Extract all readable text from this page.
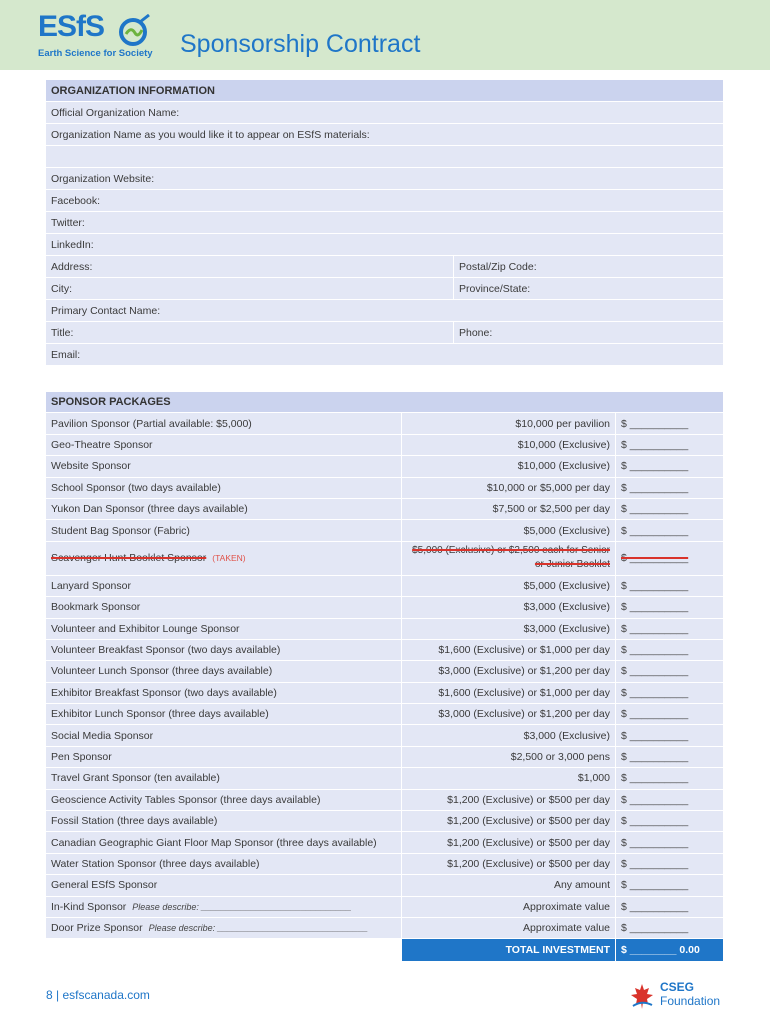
ESfS
Earth Science for Society Sponsorship Contract
ORGANIZATION INFORMATION	
Official Organization Name:	
Organization Name as you would like it to appear on ESfS materials:	

Organization Website:	
Facebook:	
Twitter:	
LinkedIn:	
Address:	Postal/Zip Code:
City:	Province/State:
Primary Contact Name:	
Title:	Phone:
Email:	
SPONSOR PACKAGES		
Pavilion Sponsor (Partial available: $5,000)	$10,000 per pavilion	$ __________
Geo-Theatre Sponsor	$10,000 (Exclusive)	$ __________
Website Sponsor	$10,000 (Exclusive)	$ __________
School Sponsor (two days available)	$10,000 or $5,000 per day	$ __________
Yukon Dan Sponsor (three days available)	$7,500 or $2,500 per day	$ __________
Student Bag Sponsor (Fabric)	$5,000 (Exclusive)	$ __________
Scavenger Hunt Booklet Sponsor (TAKEN)	$5,000 (Exclusive) or $2,500 each for Senior or Junior Booklet	$ __________
Lanyard Sponsor	$5,000 (Exclusive)	$ __________
Bookmark Sponsor	$3,000 (Exclusive)	$ __________
Volunteer and Exhibitor Lounge Sponsor	$3,000 (Exclusive)	$ __________
Volunteer Breakfast Sponsor (two days available)	$1,600 (Exclusive) or $1,000 per day	$ __________
Volunteer Lunch Sponsor (three days available)	$3,000 (Exclusive) or $1,200 per day	$ __________
Exhibitor Breakfast Sponsor (two days available)	$1,600 (Exclusive) or $1,000 per day	$ __________
Exhibitor Lunch Sponsor (three days available)	$3,000 (Exclusive) or $1,200 per day	$ __________
Social Media Sponsor	$3,000 (Exclusive)	$ __________
Pen Sponsor	$2,500 or 3,000 pens	$ __________
Travel Grant Sponsor (ten available)	$1,000	$ __________
Geoscience Activity Tables Sponsor (three days available)	$1,200 (Exclusive) or $500 per day	$ __________
Fossil Station (three days available)	$1,200 (Exclusive) or $500 per day	$ __________
Canadian Geographic Giant Floor Map Sponsor (three days available)	$1,200 (Exclusive) or $500 per day	$ __________
Water Station Sponsor (three days available)	$1,200 (Exclusive) or $500 per day	$ __________
General ESfS Sponsor	Any amount	$ __________
In-Kind Sponsor Please describe: ______________________________	Approximate value	$ __________
Door Prize Sponsor Please describe: ______________________________	Approximate value	$ __________
	TOTAL INVESTMENT	$ ________ 0.00
8 | esfscanada.com
CSEG
Foundation
